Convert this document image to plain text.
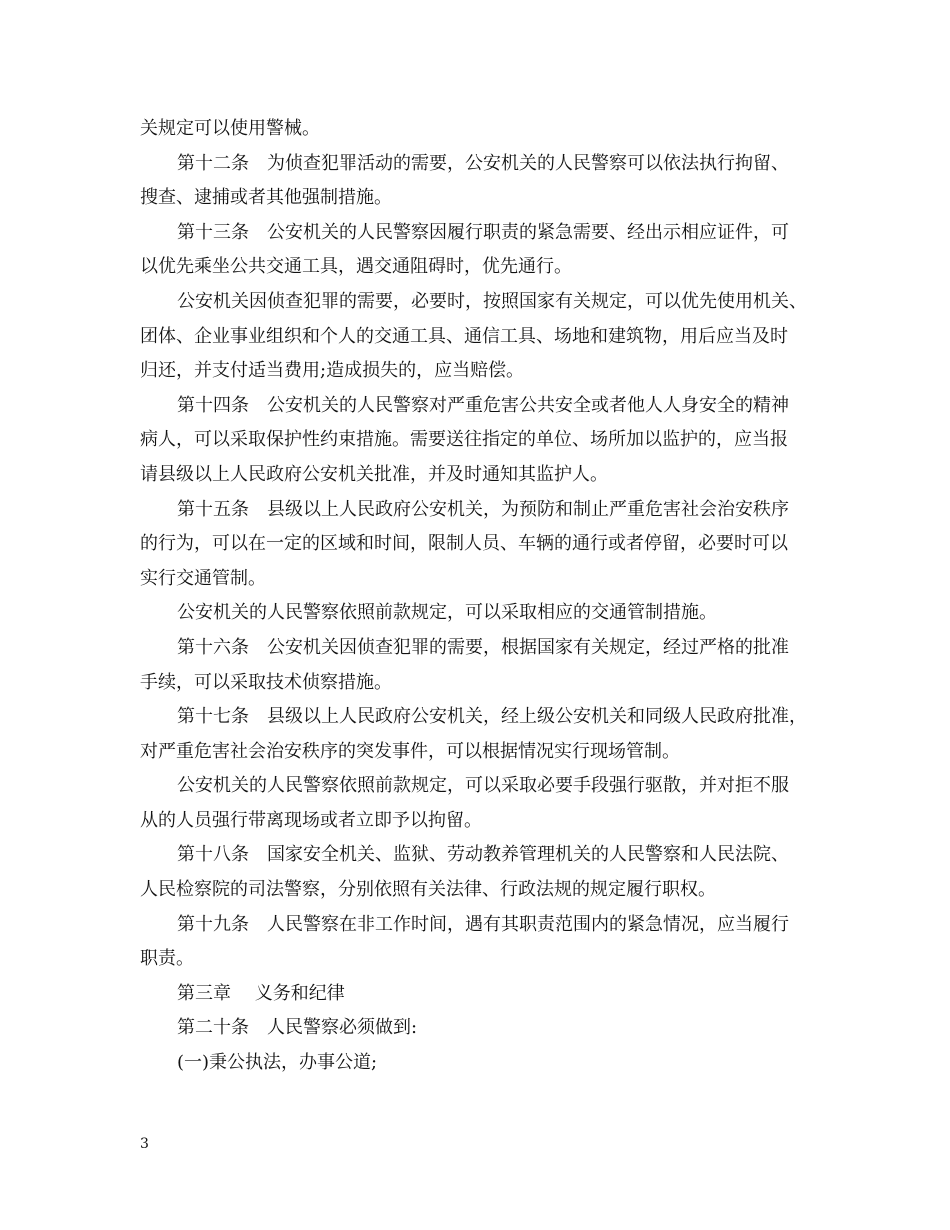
关规定可以使用警械。
第十二条　为侦查犯罪活动的需要，公安机关的人民警察可以依法执行拘留、
搜查、逮捕或者其他强制措施。
第十三条　公安机关的人民警察因履行职责的紧急需要、经出示相应证件，可
以优先乘坐公共交通工具，遇交通阻碍时，优先通行。
公安机关因侦查犯罪的需要，必要时，按照国家有关规定，可以优先使用机关、
团体、企业事业组织和个人的交通工具、通信工具、场地和建筑物，用后应当及时
归还，并支付适当费用;造成损失的，应当赔偿。
第十四条　公安机关的人民警察对严重危害公共安全或者他人人身安全的精神
病人，可以采取保护性约束措施。需要送往指定的单位、场所加以监护的，应当报
请县级以上人民政府公安机关批准，并及时通知其监护人。
第十五条　县级以上人民政府公安机关，为预防和制止严重危害社会治安秩序
的行为，可以在一定的区域和时间，限制人员、车辆的通行或者停留，必要时可以
实行交通管制。
公安机关的人民警察依照前款规定，可以采取相应的交通管制措施。
第十六条　公安机关因侦查犯罪的需要，根据国家有关规定，经过严格的批准
手续，可以采取技术侦察措施。
第十七条　县级以上人民政府公安机关，经上级公安机关和同级人民政府批准，
对严重危害社会治安秩序的突发事件，可以根据情况实行现场管制。
公安机关的人民警察依照前款规定，可以采取必要手段强行驱散，并对拒不服
从的人员强行带离现场或者立即予以拘留。
第十八条　国家安全机关、监狱、劳动教养管理机关的人民警察和人民法院、
人民检察院的司法警察，分别依照有关法律、行政法规的规定履行职权。
第十九条　人民警察在非工作时间，遇有其职责范围内的紧急情况，应当履行
职责。
第三章　 义务和纪律
第二十条　人民警察必须做到:
(一)秉公执法，办事公道;
3
